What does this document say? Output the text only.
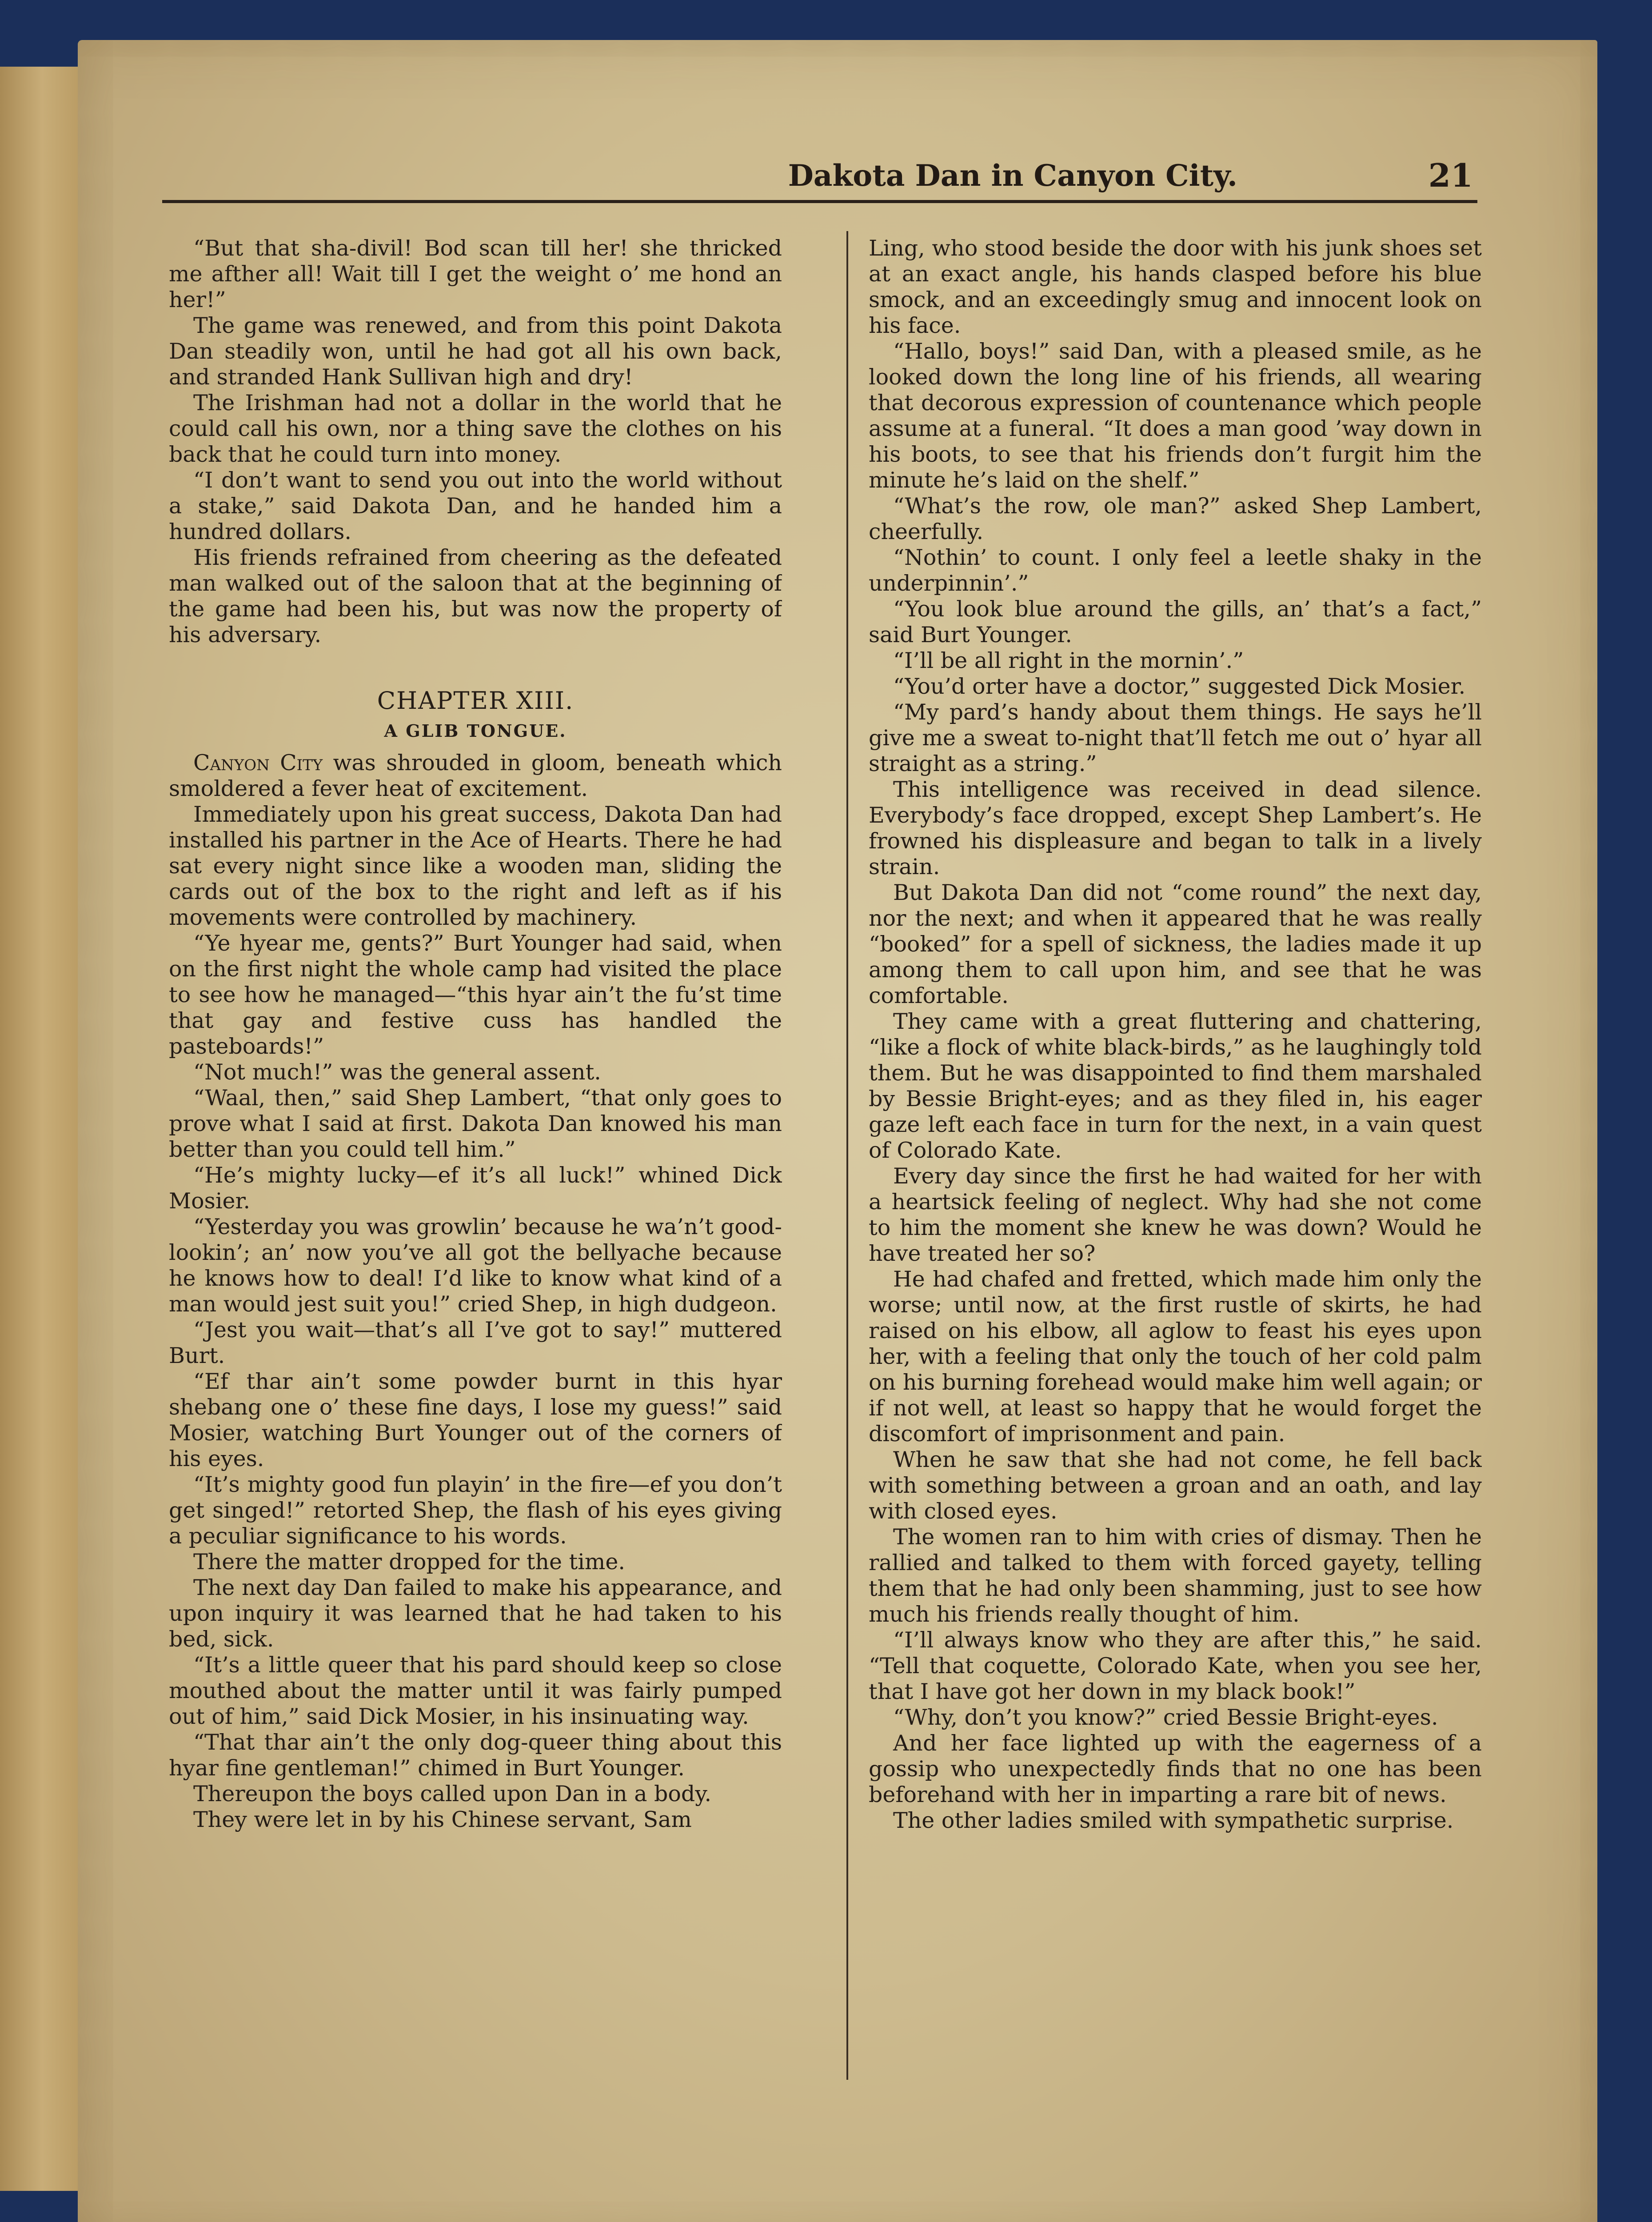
Dakota Dan in Canyon City.	21

“But that sha-divil! Bod scan till her! she thricked me afther all! Wait till I get the weight o’ me hond an her!”

The game was renewed, and from this point Dakota Dan steadily won, until he had got all his own back, and stranded Hank Sullivan high and dry!

The Irishman had not a dollar in the world that he could call his own, nor a thing save the clothes on his back that he could turn into money.

“I don’t want to send you out into the world without a stake,” said Dakota Dan, and he handed him a hundred dollars.

His friends refrained from cheering as the defeated man walked out of the saloon that at the beginning of the game had been his, but was now the property of his adversary.

CHAPTER XIII.
A GLIB TONGUE.

Canyon City was shrouded in gloom, beneath which smoldered a fever heat of excitement.

Immediately upon his great success, Dakota Dan had installed his partner in the Ace of Hearts. There he had sat every night since like a wooden man, sliding the cards out of the box to the right and left as if his movements were controlled by machinery.

“Ye hyear me, gents?” Burt Younger had said, when on the first night the whole camp had visited the place to see how he managed—“this hyar ain’t the fu’st time that gay and festive cuss has handled the pasteboards!”

“Not much!” was the general assent.

“Waal, then,” said Shep Lambert, “that only goes to prove what I said at first. Dakota Dan knowed his man better than you could tell him.”

“He’s mighty lucky—ef it’s all luck!” whined Dick Mosier.

“Yesterday you was growlin’ because he wa’n’t good-lookin’; an’ now you’ve all got the bellyache because he knows how to deal! I’d like to know what kind of a man would jest suit you!” cried Shep, in high dudgeon.

“Jest you wait—that’s all I’ve got to say!” muttered Burt.

“Ef thar ain’t some powder burnt in this hyar shebang one o’ these fine days, I lose my guess!” said Mosier, watching Burt Younger out of the corners of his eyes.

“It’s mighty good fun playin’ in the fire—ef you don’t get singed!” retorted Shep, the flash of his eyes giving a peculiar significance to his words.

There the matter dropped for the time.

The next day Dan failed to make his appearance, and upon inquiry it was learned that he had taken to his bed, sick.

“It’s a little queer that his pard should keep so close mouthed about the matter until it was fairly pumped out of him,” said Dick Mosier, in his insinuating way.

“That thar ain’t the only dog-queer thing about this hyar fine gentleman!” chimed in Burt Younger.

Thereupon the boys called upon Dan in a body.

They were let in by his Chinese servant, Sam

Ling, who stood beside the door with his junk shoes set at an exact angle, his hands clasped before his blue smock, and an exceedingly smug and innocent look on his face.

“Hallo, boys!” said Dan, with a pleased smile, as he looked down the long line of his friends, all wearing that decorous expression of countenance which people assume at a funeral. “It does a man good ’way down in his boots, to see that his friends don’t furgit him the minute he’s laid on the shelf.”

“What’s the row, ole man?” asked Shep Lambert, cheerfully.

“Nothin’ to count. I only feel a leetle shaky in the underpinnin’.”

“You look blue around the gills, an’ that’s a fact,” said Burt Younger.

“I’ll be all right in the mornin’.”

“You’d orter have a doctor,” suggested Dick Mosier.

“My pard’s handy about them things. He says he’ll give me a sweat to-night that’ll fetch me out o’ hyar all straight as a string.”

This intelligence was received in dead silence. Everybody’s face dropped, except Shep Lambert’s. He frowned his displeasure and began to talk in a lively strain.

But Dakota Dan did not “come round” the next day, nor the next; and when it appeared that he was really “booked” for a spell of sickness, the ladies made it up among them to call upon him, and see that he was comfortable.

They came with a great fluttering and chattering, “like a flock of white black-birds,” as he laughingly told them. But he was disappointed to find them marshaled by Bessie Bright-eyes; and as they filed in, his eager gaze left each face in turn for the next, in a vain quest of Colorado Kate.

Every day since the first he had waited for her with a heartsick feeling of neglect. Why had she not come to him the moment she knew he was down? Would he have treated her so?

He had chafed and fretted, which made him only the worse; until now, at the first rustle of skirts, he had raised on his elbow, all aglow to feast his eyes upon her, with a feeling that only the touch of her cold palm on his burning forehead would make him well again; or if not well, at least so happy that he would forget the discomfort of imprisonment and pain.

When he saw that she had not come, he fell back with something between a groan and an oath, and lay with closed eyes.

The women ran to him with cries of dismay. Then he rallied and talked to them with forced gayety, telling them that he had only been shamming, just to see how much his friends really thought of him.

“I’ll always know who they are after this,” he said. “Tell that coquette, Colorado Kate, when you see her, that I have got her down in my black book!”

“Why, don’t you know?” cried Bessie Bright-eyes.

And her face lighted up with the eagerness of a gossip who unexpectedly finds that no one has been beforehand with her in imparting a rare bit of news.

The other ladies smiled with sympathetic surprise.
